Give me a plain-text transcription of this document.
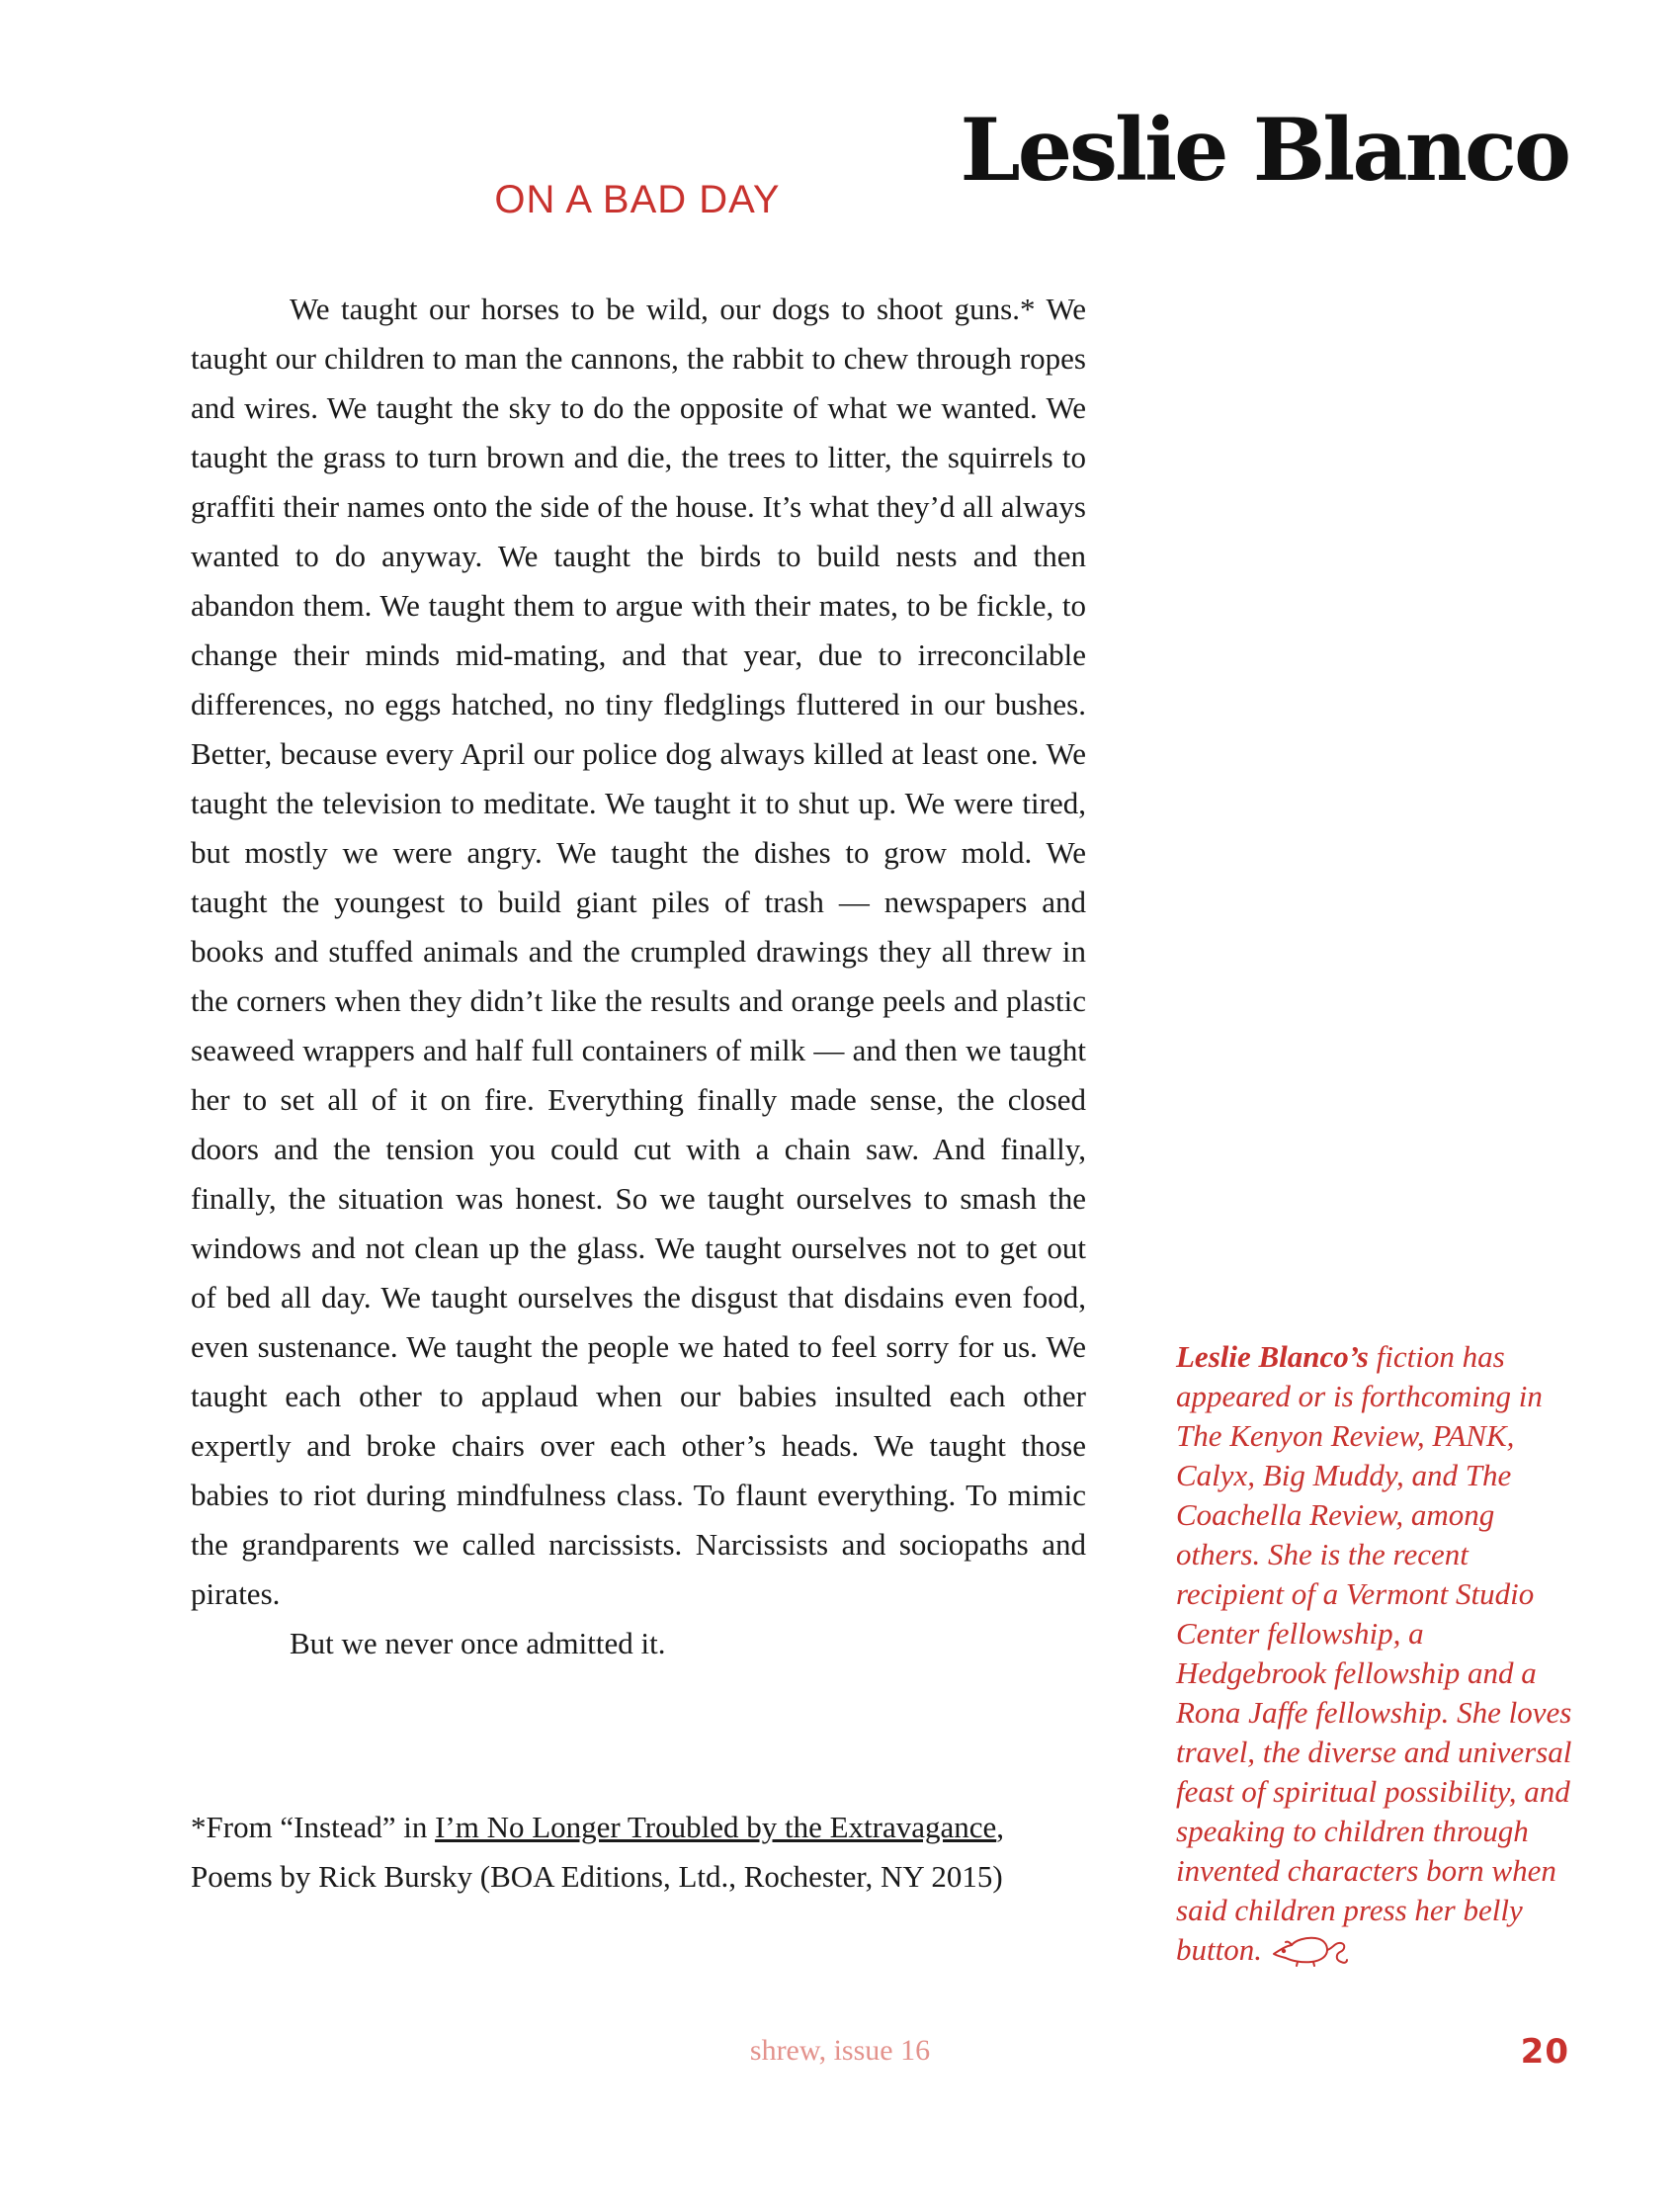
Leslie Blanco
ON A BAD DAY

We taught our horses to be wild, our dogs to shoot guns.* We taught our children to man the cannons, the rabbit to chew through ropes and wires. We taught the sky to do the opposite of what we wanted. We taught the grass to turn brown and die, the trees to litter, the squirrels to graffiti their names onto the side of the house. It’s what they’d all always wanted to do anyway. We taught the birds to build nests and then abandon them. We taught them to argue with their mates, to be fickle, to change their minds mid-mating, and that year, due to irreconcilable differences, no eggs hatched, no tiny fledglings fluttered in our bushes. Better, because every April our police dog always killed at least one. We taught the television to meditate. We taught it to shut up. We were tired, but mostly we were angry. We taught the dishes to grow mold. We taught the youngest to build giant piles of trash — newspapers and books and stuffed animals and the crumpled drawings they all threw in the corners when they didn’t like the results and orange peels and plastic seaweed wrappers and half full containers of milk — and then we taught her to set all of it on fire. Everything finally made sense, the closed doors and the tension you could cut with a chain saw. And finally, finally, the situation was honest. So we taught ourselves to smash the windows and not clean up the glass. We taught ourselves not to get out of bed all day. We taught ourselves the disgust that disdains even food, even sustenance. We taught the people we hated to feel sorry for us. We taught each other to applaud when our babies insulted each other expertly and broke chairs over each other’s heads. We taught those babies to riot during mindfulness class. To flaunt everything. To mimic the grandparents we called narcissists. Narcissists and sociopaths and pirates.

But we never once admitted it.

*From “Instead” in I’m No Longer Troubled by the Extravagance, Poems by Rick Bursky (BOA Editions, Ltd., Rochester, NY 2015)

Leslie Blanco’s fiction has appeared or is forthcoming in The Kenyon Review, PANK, Calyx, Big Muddy, and The Coachella Review, among others. She is the recent recipient of a Vermont Studio Center fellowship, a Hedgebrook fellowship and a Rona Jaffe fellowship. She loves travel, the diverse and universal feast of spiritual possibility, and speaking to children through invented characters born when said children press her belly button.

shrew, issue 16	20
